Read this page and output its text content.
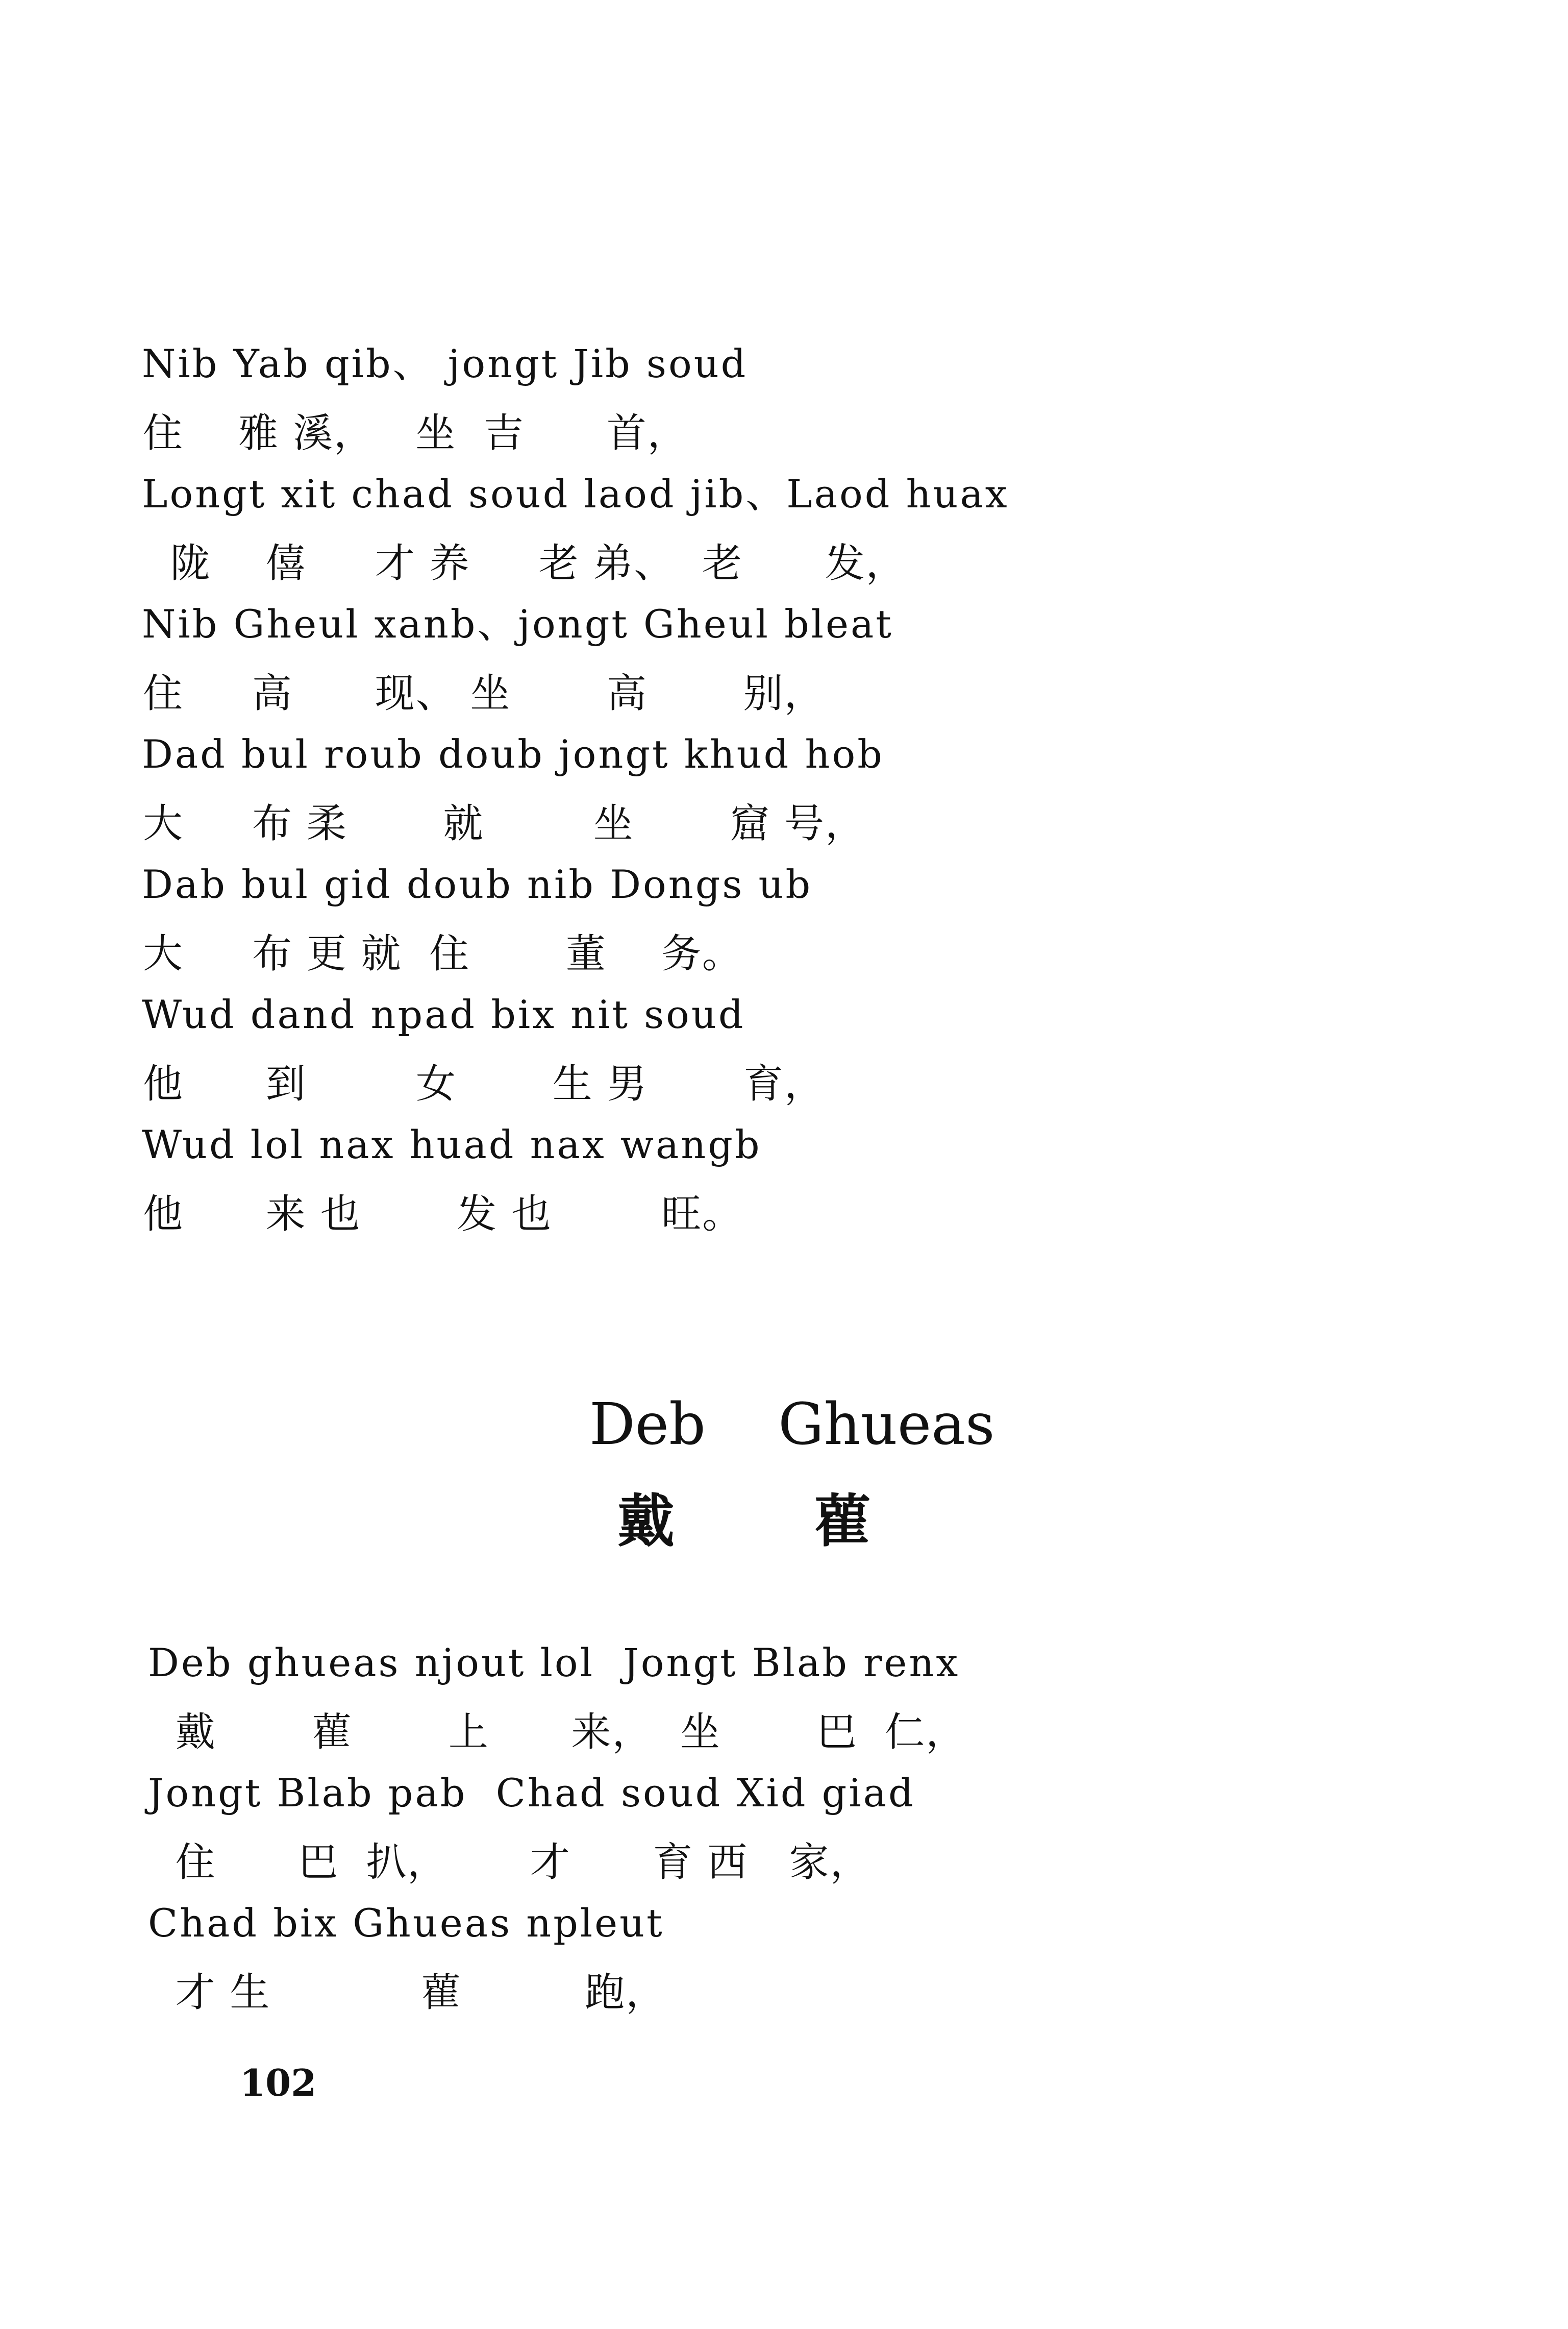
Nib Yab qib、 jongt Jib soud
住    雅 溪，   坐  吉      首，
Longt xit chad soud laod jib、Laod huax
陇    僖     才 养     老 弟、  老      发，
Nib Gheul xanb、jongt Gheul bleat
住     高      现、 坐       高       别，
Dad bul roub doub jongt khud hob
大     布 柔       就        坐       窟 号，
Dab bul gid doub nib Dongs ub
大     布 更 就  住       董    务。
Wud dand npad bix nit soud
他      到        女       生 男       育，
Wud lol nax huad nax wangb
他      来 也       发 也        旺。
Deb    Ghueas
戴       雚
Deb ghueas njout lol  Jongt Blab renx
戴       雚       上      来，  坐       巴  仁，
Jongt Blab pab  Chad soud Xid giad
住      巴  扒，      才      育 西   家，
Chad bix Ghueas npleut
才 生           雚         跑，
102
